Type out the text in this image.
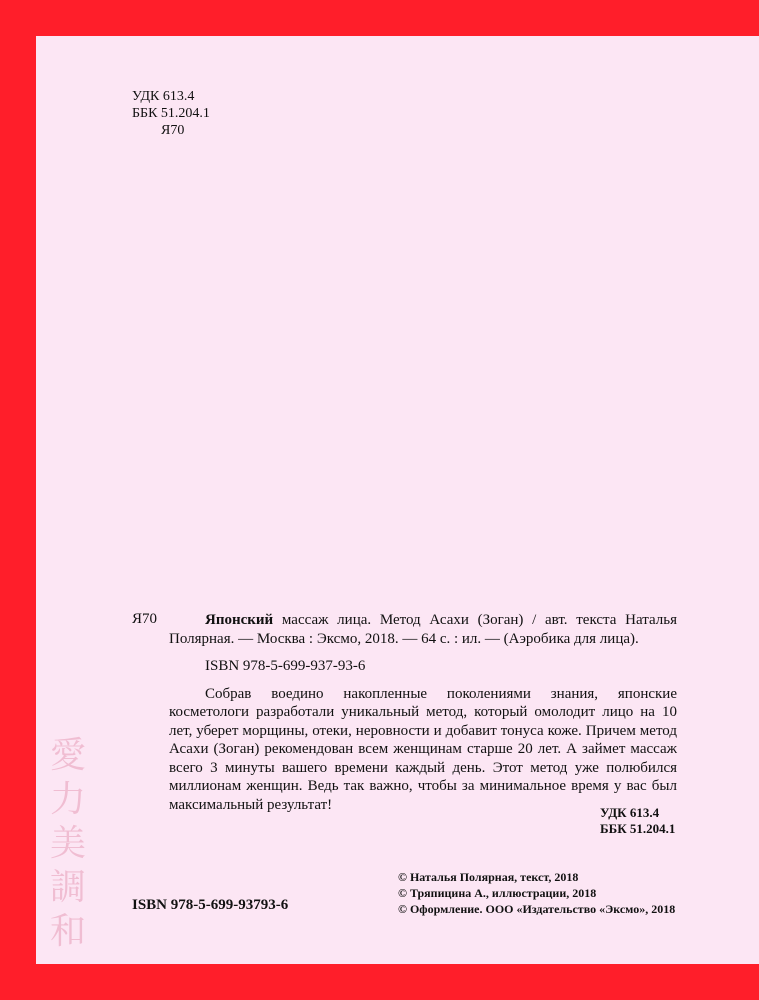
УДК 613.4
ББК 51.204.1
Я70
Я70	Японский массаж лица. Метод Асахи (Зоган) / авт. текста Наталья Полярная. — Москва : Эксмо, 2018. — 64 с. : ил. — (Аэробика для лица).

ISBN 978-5-699-937-93-6

Собрав воедино накопленные поколениями знания, японские косметологи разработали уникальный метод, который омолодит лицо на 10 лет, уберет морщины, отеки, неровности и добавит тонуса коже. Причем метод Асахи (Зоган) рекомендован всем женщинам старше 20 лет. А займет массаж всего 3 минуты вашего времени каждый день. Этот метод уже полюбился миллионам женщин. Ведь так важно, чтобы за минимальное время у вас был максимальный результат!	УДК 613.4
ББК 51.204.1
ISBN 978-5-699-93793-6
© Наталья Полярная, текст, 2018
© Тряпицина А., иллюстрации, 2018
© Оформление. ООО «Издательство «Эксмо», 2018
愛
力
美
調
和
